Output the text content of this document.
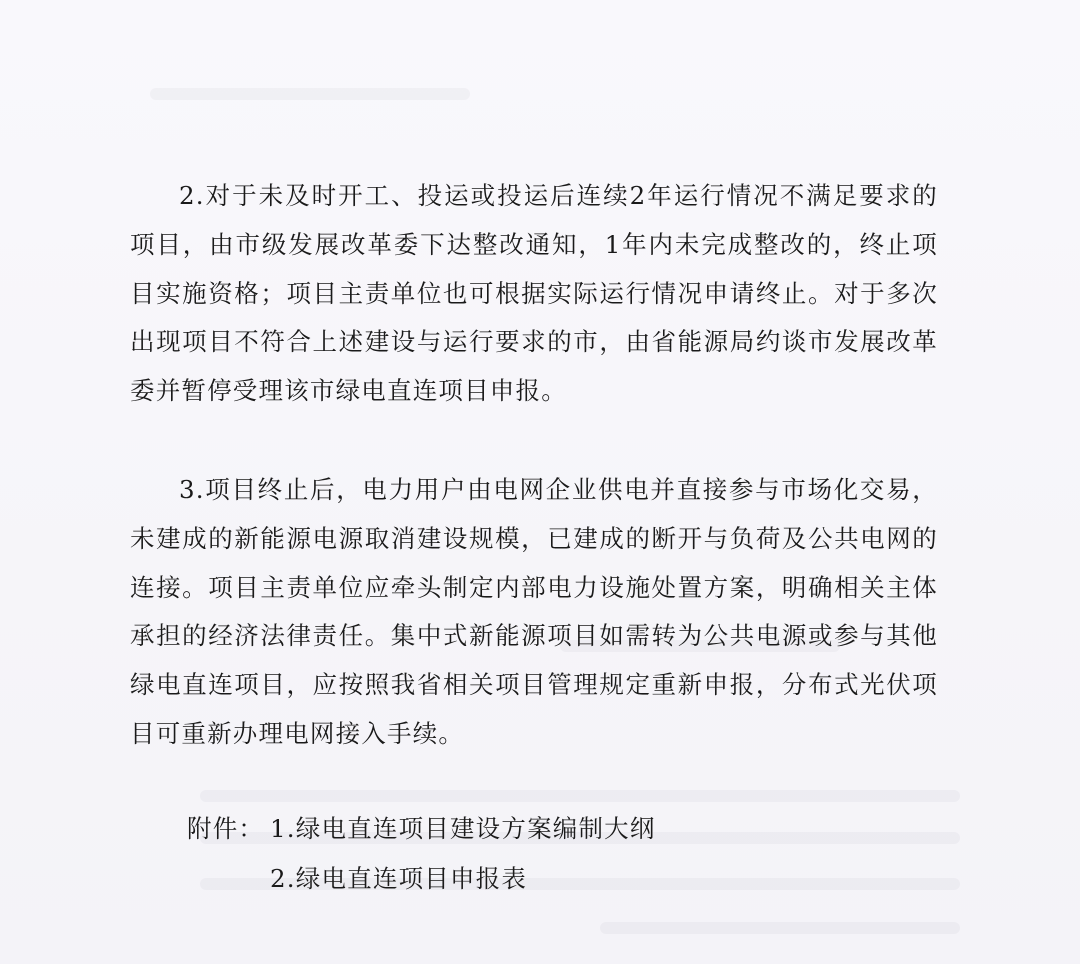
2.对于未及时开工、投运或投运后连续2年运行情况不满足要求的项目，由市级发展改革委下达整改通知，1年内未完成整改的，终止项目实施资格；项目主责单位也可根据实际运行情况申请终止。对于多次出现项目不符合上述建设与运行要求的市，由省能源局约谈市发展改革委并暂停受理该市绿电直连项目申报。

3.项目终止后，电力用户由电网企业供电并直接参与市场化交易，未建成的新能源电源取消建设规模，已建成的断开与负荷及公共电网的连接。项目主责单位应牵头制定内部电力设施处置方案，明确相关主体承担的经济法律责任。集中式新能源项目如需转为公共电源或参与其他绿电直连项目，应按照我省相关项目管理规定重新申报，分布式光伏项目可重新办理电网接入手续。

附件： 1.绿电直连项目建设方案编制大纲
2.绿电直连项目申报表
